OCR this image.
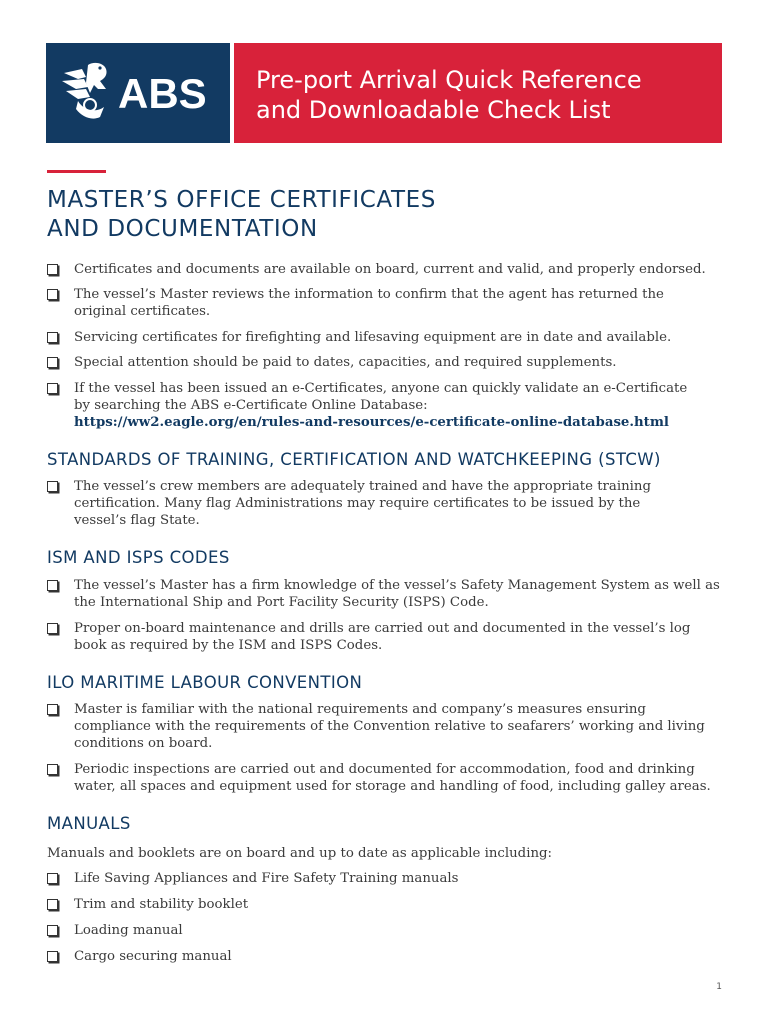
ABS Pre-port Arrival Quick Reference
and Downloadable Check List
MASTER’S OFFICE CERTIFICATES
AND DOCUMENTATION
Certificates and documents are available on board, current and valid, and properly endorsed.
The vessel’s Master reviews the information to confirm that the agent has returned the
original certificates.
Servicing certificates for firefighting and lifesaving equipment are in date and available.
Special attention should be paid to dates, capacities, and required supplements.
If the vessel has been issued an e-Certificates, anyone can quickly validate an e-Certificate
by searching the ABS e-Certificate Online Database:
https://ww2.eagle.org/en/rules-and-resources/e-certificate-online-database.html
STANDARDS OF TRAINING, CERTIFICATION AND WATCHKEEPING (STCW)
The vessel’s crew members are adequately trained and have the appropriate training
certification. Many flag Administrations may require certificates to be issued by the
vessel’s flag State.
ISM AND ISPS CODES
The vessel’s Master has a firm knowledge of the vessel’s Safety Management System as well as
the International Ship and Port Facility Security (ISPS) Code.
Proper on-board maintenance and drills are carried out and documented in the vessel’s log
book as required by the ISM and ISPS Codes.
ILO MARITIME LABOUR CONVENTION
Master is familiar with the national requirements and company’s measures ensuring
compliance with the requirements of the Convention relative to seafarers’ working and living
conditions on board.
Periodic inspections are carried out and documented for accommodation, food and drinking
water, all spaces and equipment used for storage and handling of food, including galley areas.
MANUALS
Manuals and booklets are on board and up to date as applicable including:
Life Saving Appliances and Fire Safety Training manuals
Trim and stability booklet
Loading manual
Cargo securing manual
1
